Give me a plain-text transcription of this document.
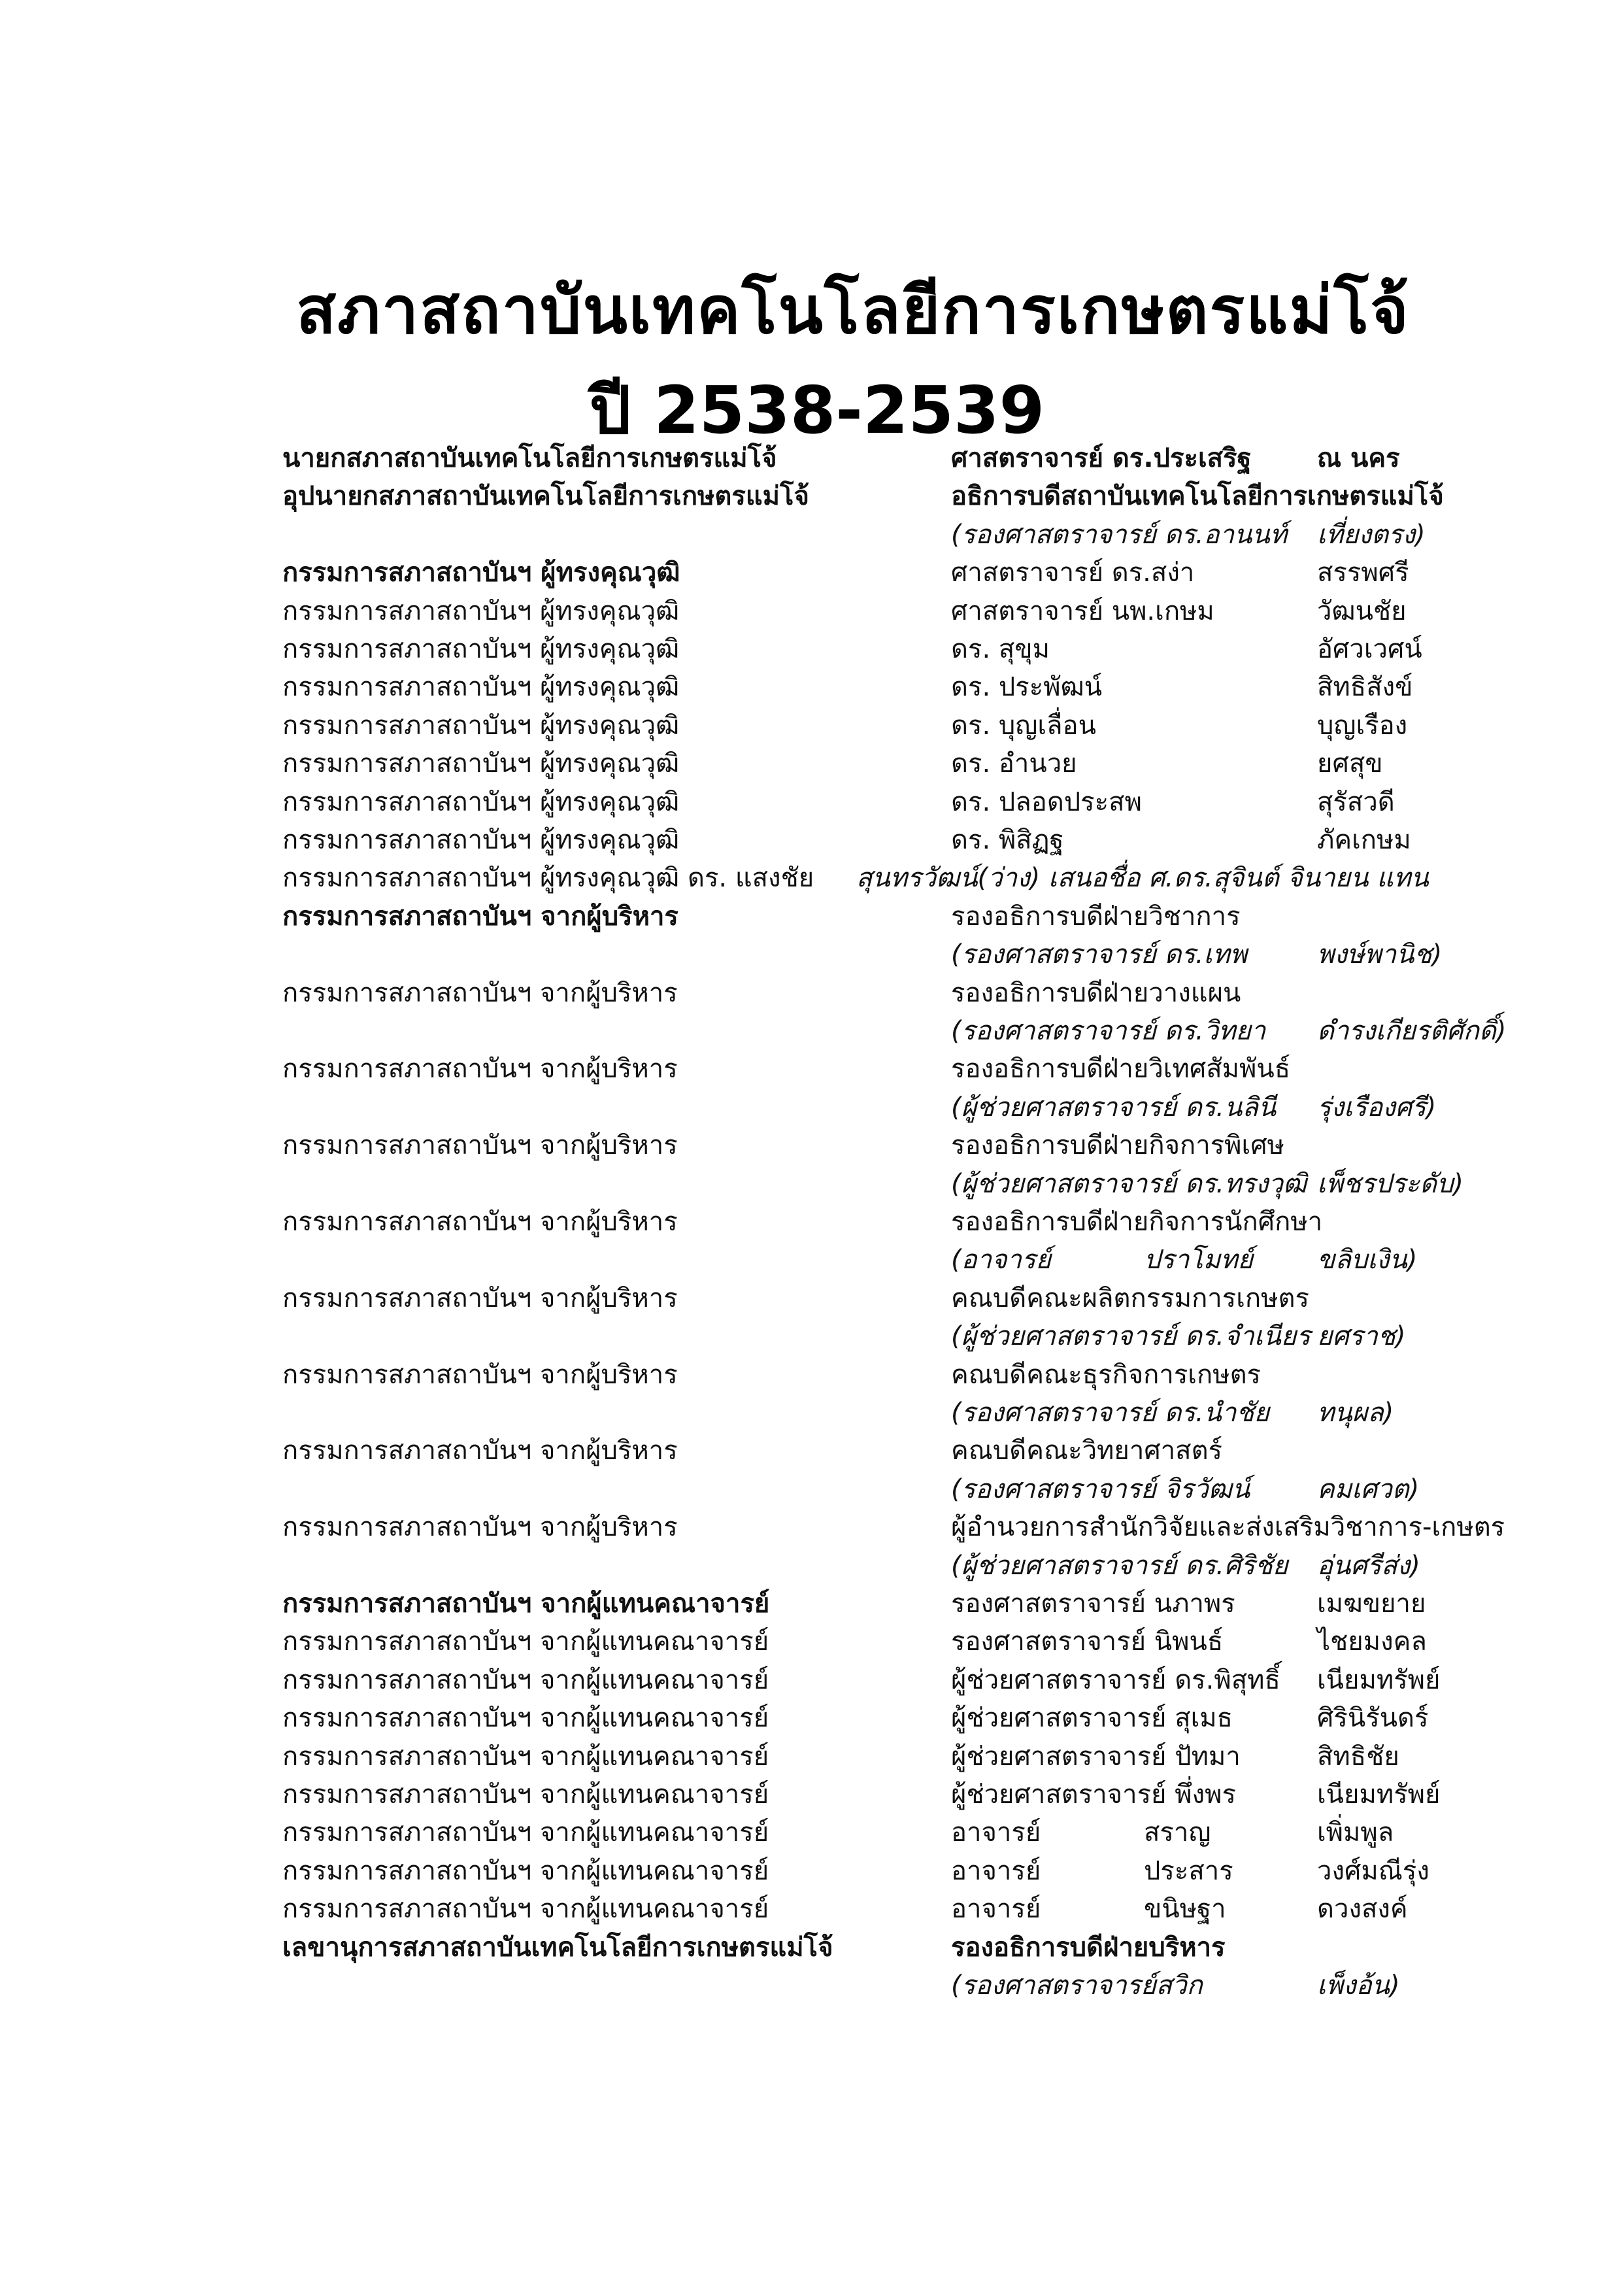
สภาสถาบันเทคโนโลยีการเกษตรแม่โจ้
ปี 2538-2539
นายกสภาสถาบันเทคโนโลยีการเกษตรแม่โจ้	ศาสตราจารย์ ดร.ประเสริฐ	ณ นคร
อุปนายกสภาสถาบันเทคโนโลยีการเกษตรแม่โจ้	อธิการบดีสถาบันเทคโนโลยีการเกษตรแม่โจ้
(รองศาสตราจารย์ ดร.อานนท์ เที่ยงตรง)
กรรมการสภาสถาบันฯ ผู้ทรงคุณวุฒิ	ศาสตราจารย์ ดร.สง่า	สรรพศรี
กรรมการสภาสถาบันฯ ผู้ทรงคุณวุฒิ	ศาสตราจารย์ นพ.เกษม	วัฒนชัย
กรรมการสภาสถาบันฯ ผู้ทรงคุณวุฒิ	ดร. สุขุม	อัศวเวศน์
กรรมการสภาสถาบันฯ ผู้ทรงคุณวุฒิ	ดร. ประพัฒน์	สิทธิสังข์
กรรมการสภาสถาบันฯ ผู้ทรงคุณวุฒิ	ดร. บุญเลื่อน	บุญเรือง
กรรมการสภาสถาบันฯ ผู้ทรงคุณวุฒิ	ดร. อำนวย	ยศสุข
กรรมการสภาสถาบันฯ ผู้ทรงคุณวุฒิ	ดร. ปลอดประสพ	สุรัสวดี
กรรมการสภาสถาบันฯ ผู้ทรงคุณวุฒิ	ดร. พิสิฏฐ	ภัคเกษม
กรรมการสภาสถาบันฯ ผู้ทรงคุณวุฒิ ดร. แสงชัย สุนทรวัฒน์(ว่าง) เสนอชื่อ ศ.ดร.สุจินต์ จินายน แทน
กรรมการสภาสถาบันฯ จากผู้บริหาร	รองอธิการบดีฝ่ายวิชาการ
(รองศาสตราจารย์ ดร.เทพ	พงษ์พานิช)
กรรมการสภาสถาบันฯ จากผู้บริหาร	รองอธิการบดีฝ่ายวางแผน
(รองศาสตราจารย์ ดร.วิทยา ดำรงเกียรติศักดิ์)
กรรมการสภาสถาบันฯ จากผู้บริหาร	รองอธิการบดีฝ่ายวิเทศสัมพันธ์
(ผู้ช่วยศาสตราจารย์ ดร.นลินี รุ่งเรืองศรี)
กรรมการสภาสถาบันฯ จากผู้บริหาร	รองอธิการบดีฝ่ายกิจการพิเศษ
(ผู้ช่วยศาสตราจารย์ ดร.ทรงวุฒิ เพ็ชรประดับ)
กรรมการสภาสถาบันฯ จากผู้บริหาร	รองอธิการบดีฝ่ายกิจการนักศึกษา
(อาจารย์	ปราโมทย์ ขลิบเงิน)
กรรมการสภาสถาบันฯ จากผู้บริหาร	คณบดีคณะผลิตกรรมการเกษตร
(ผู้ช่วยศาสตราจารย์ ดร.จำเนียร ยศราช)
กรรมการสภาสถาบันฯ จากผู้บริหาร	คณบดีคณะธุรกิจการเกษตร
(รองศาสตราจารย์ ดร.นำชัย ทนุผล)
กรรมการสภาสถาบันฯ จากผู้บริหาร	คณบดีคณะวิทยาศาสตร์
(รองศาสตราจารย์ จิรวัฒน์	คมเศวต)
กรรมการสภาสถาบันฯ จากผู้บริหาร	ผู้อำนวยการสำนักวิจัยและส่งเสริมวิชาการ-เกษตร
(ผู้ช่วยศาสตราจารย์ ดร.ศิริชัย อุ่นศรีส่ง)
กรรมการสภาสถาบันฯ จากผู้แทนคณาจารย์	รองศาสตราจารย์ นภาพร	เมฆขยาย
กรรมการสภาสถาบันฯ จากผู้แทนคณาจารย์	รองศาสตราจารย์ นิพนธ์	ไชยมงคล
กรรมการสภาสถาบันฯ จากผู้แทนคณาจารย์	ผู้ช่วยศาสตราจารย์ ดร.พิสุทธิ์ เนียมทรัพย์
กรรมการสภาสถาบันฯ จากผู้แทนคณาจารย์	ผู้ช่วยศาสตราจารย์ สุเมธ	ศิรินิรันดร์
กรรมการสภาสถาบันฯ จากผู้แทนคณาจารย์	ผู้ช่วยศาสตราจารย์ ปัทมา	สิทธิชัย
กรรมการสภาสถาบันฯ จากผู้แทนคณาจารย์	ผู้ช่วยศาสตราจารย์ พึ่งพร	เนียมทรัพย์
กรรมการสภาสถาบันฯ จากผู้แทนคณาจารย์	อาจารย์	สราญ	เพิ่มพูล
กรรมการสภาสถาบันฯ จากผู้แทนคณาจารย์	อาจารย์	ประสาร	วงศ์มณีรุ่ง
กรรมการสภาสถาบันฯ จากผู้แทนคณาจารย์	อาจารย์	ขนิษฐา	ดวงสงค์
เลขานุการสภาสถาบันเทคโนโลยีการเกษตรแม่โจ้	รองอธิการบดีฝ่ายบริหาร
(รองศาสตราจารย์สวิก	เพ็งอ้น)
